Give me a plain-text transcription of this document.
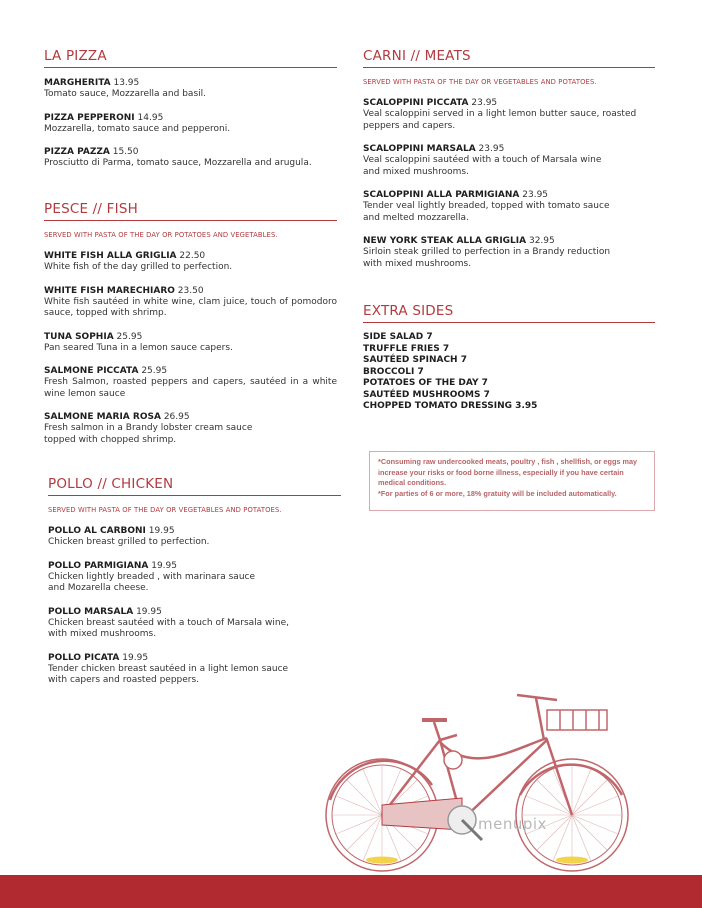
LA PIZZA
MARGHERITA 13.95
Tomato sauce, Mozzarella and basil.
PIZZA PEPPERONI 14.95
Mozzarella, tomato sauce and pepperoni.
PIZZA PAZZA 15.50
Prosciutto di Parma, tomato sauce, Mozzarella and arugula.
PESCE // FISH
SERVED WITH PASTA OF THE DAY OR POTATOES AND VEGETABLES.
WHITE FISH ALLA GRIGLIA 22.50
White fish of the day grilled to perfection.
WHITE FISH MARECHIARO 23.50
White fish sautéed in white wine, clam juice, touch of pomodoro sauce, topped with shrimp.
TUNA SOPHIA 25.95
Pan seared Tuna in a lemon sauce capers.
SALMONE PICCATA 25.95
Fresh Salmon, roasted peppers and capers, sautéed in a white wine lemon sauce
SALMONE MARIA ROSA 26.95
Fresh salmon in a Brandy lobster cream sauce
topped with chopped shrimp.
POLLO // CHICKEN
SERVED WITH PASTA OF THE DAY OR VEGETABLES AND POTATOES.
POLLO AL CARBONI 19.95
Chicken breast grilled to perfection.
POLLO PARMIGIANA 19.95
Chicken lightly breaded , with marinara sauce
and Mozarella cheese.
POLLO MARSALA 19.95
Chicken breast sautéed with a touch of Marsala wine,
with mixed mushrooms.
POLLO PICATA 19.95
Tender chicken breast sautéed in a light lemon sauce
with capers and roasted peppers.
CARNI // MEATS
SERVED WITH PASTA OF THE DAY OR VEGETABLES AND POTATOES.
SCALOPPINI PICCATA 23.95
Veal scaloppini served in a light lemon butter sauce, roasted
peppers and capers.
SCALOPPINI MARSALA 23.95
Veal scaloppini sautéed with a touch of Marsala wine
and mixed mushrooms.
SCALOPPINI ALLA PARMIGIANA 23.95
Tender veal lightly breaded, topped with tomato sauce
and melted mozzarella.
NEW YORK STEAK ALLA GRIGLIA 32.95
Sirloin steak grilled to perfection in a Brandy reduction
with mixed mushrooms.
EXTRA SIDES
SIDE SALAD 7
TRUFFLE FRIES 7
SAUTÉED SPINACH 7
BROCCOLI 7
POTATOES OF THE DAY 7
SAUTÉED MUSHROOMS 7
CHOPPED TOMATO DRESSING 3.95

*Consuming raw undercooked meats, poultry , fish , shellfish, or eggs may

increase your risks or food borne illness, especially if you have certain

medical conditions.

*For parties of 6 or more, 18% gratuity will be included automatically.

menupix
